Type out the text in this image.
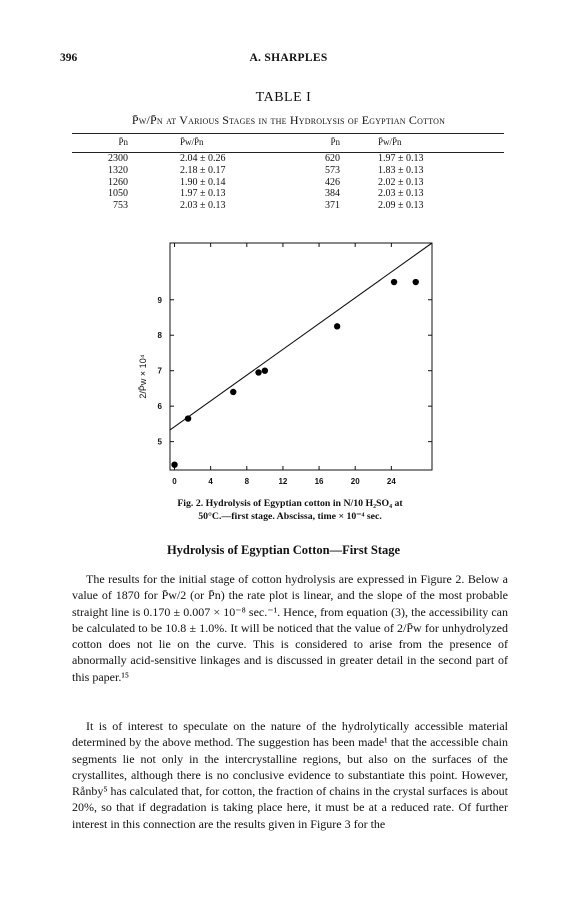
396	A. SHARPLES
TABLE I
P̄w/P̄n at Various Stages in the Hydrolysis of Egyptian Cotton
P̄n	P̄w/P̄n	P̄n	P̄w/P̄n
2300	2.04 ± 0.26	620	1.97 ± 0.13
1320	2.18 ± 0.17	573	1.83 ± 0.13
1260	1.90 ± 0.14	426	2.02 ± 0.13
1050	1.97 ± 0.13	384	2.03 ± 0.13
753	2.03 ± 0.13	371	2.09 ± 0.13
0	4	8	12	16	20	24
5
6
7
8
9
2/P̄w × 10⁴
Fig. 2. Hydrolysis of Egyptian cotton in N/10 H₂SO₄ at
50°C.—first stage. Abscissa, time × 10⁻⁴ sec.
Hydrolysis of Egyptian Cotton—First Stage

The results for the initial stage of cotton hydrolysis are expressed in Figure 2. Below a value of 1870 for P̄w/2 (or P̄n) the rate plot is linear, and the slope of the most probable straight line is 0.170 ± 0.007 × 10⁻⁸ sec.⁻¹. Hence, from equation (3), the accessibility can be calculated to be 10.8 ± 1.0%. It will be noticed that the value of 2/P̄w for unhydrolyzed cotton does not lie on the curve. This is considered to arise from the presence of abnormally acid-sensitive linkages and is discussed in greater detail in the second part of this paper.¹⁵

It is of interest to speculate on the nature of the hydrolytically accessible material determined by the above method. The suggestion has been made¹ that the accessible chain segments lie not only in the intercrystalline regions, but also on the surfaces of the crystallites, although there is no conclusive evidence to substantiate this point. However, Rånby⁵ has calculated that, for cotton, the fraction of chains in the crystal surfaces is about 20%, so that if degradation is taking place here, it must be at a reduced rate. Of further interest in this connection are the results given in Figure 3 for the
